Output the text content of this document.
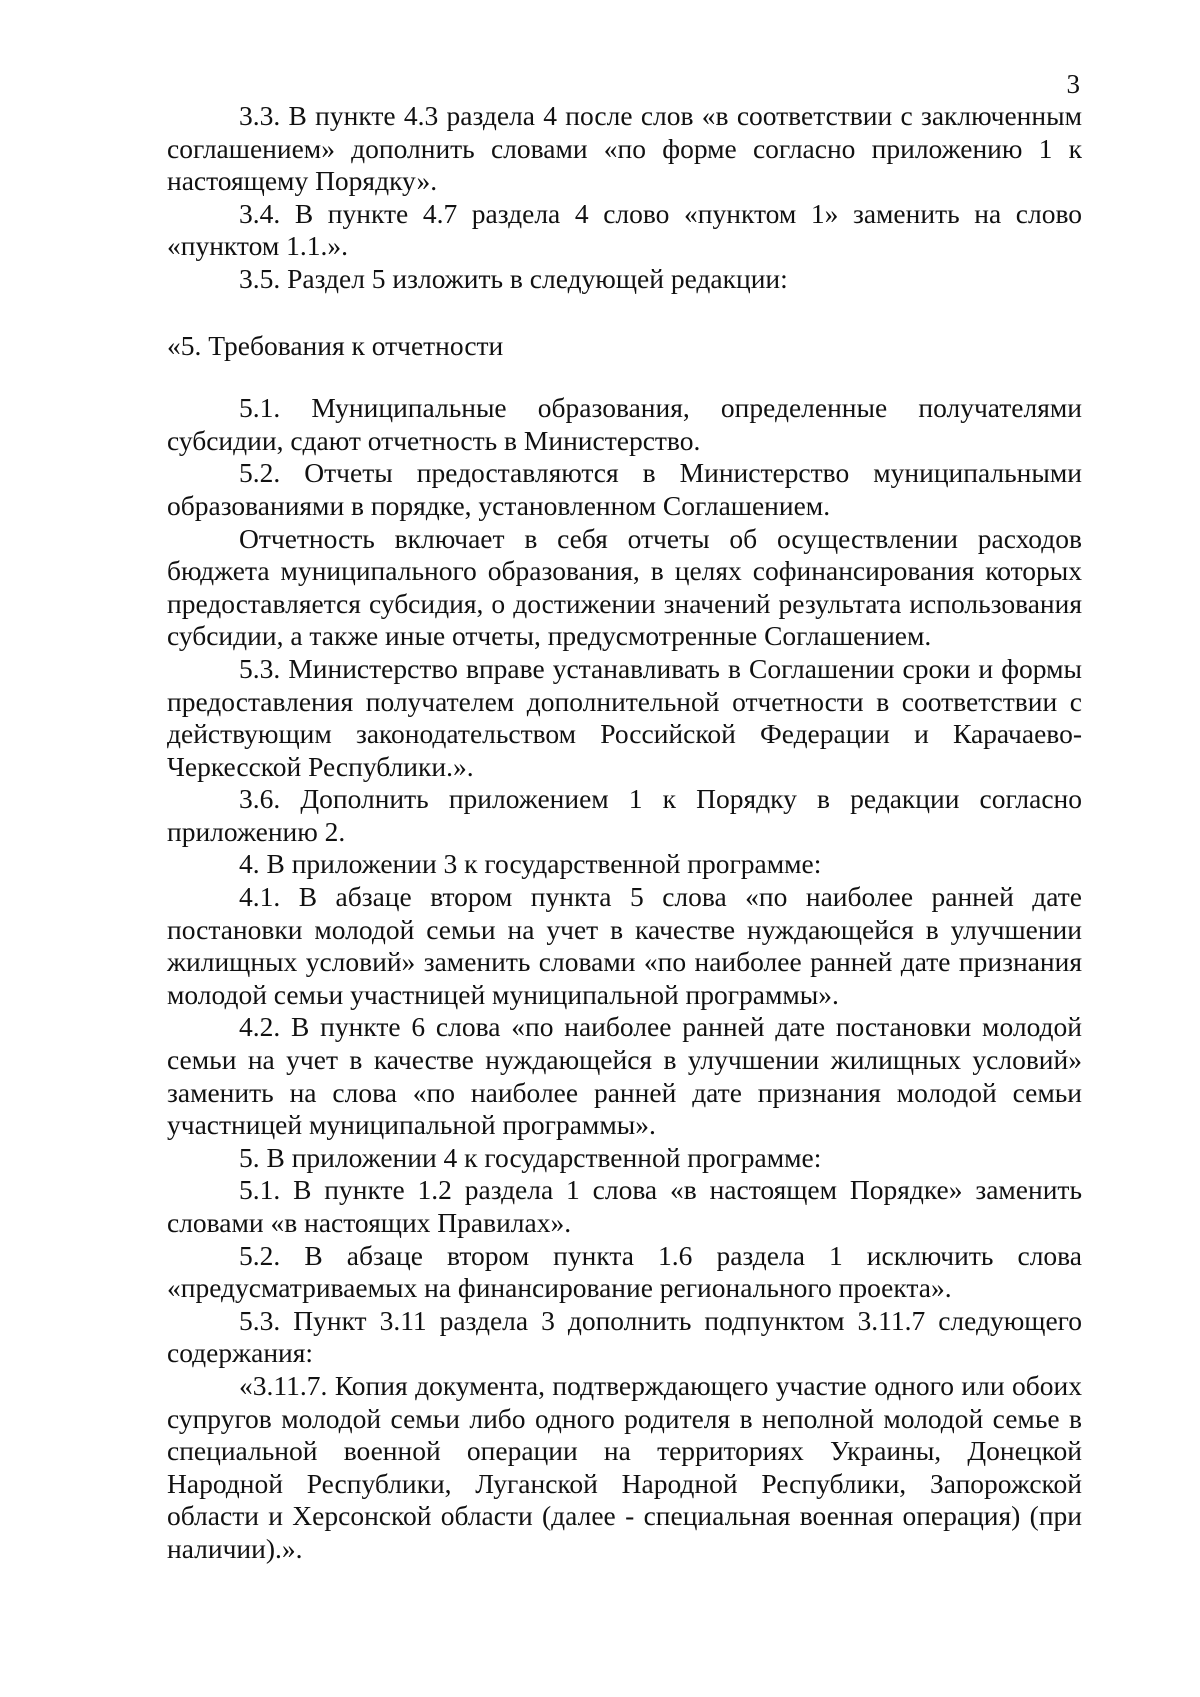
3

3.3. В пункте 4.3 раздела 4 после слов «в соответствии с заключенным соглашением» дополнить словами «по форме согласно приложению 1 к настоящему Порядку».

3.4. В пункте 4.7 раздела 4 слово «пунктом 1» заменить на слово «пунктом 1.1.».

3.5. Раздел 5 изложить в следующей редакции:

«5. Требования к отчетности

5.1. Муниципальные образования, определенные получателями субсидии, сдают отчетность в Министерство.

5.2. Отчеты предоставляются в Министерство муниципальными образованиями в порядке, установленном Соглашением.

Отчетность включает в себя отчеты об осуществлении расходов бюджета муниципального образования, в целях софинансирования которых предоставляется субсидия, о достижении значений результата использования субсидии, а также иные отчеты, предусмотренные Соглашением.

5.3. Министерство вправе устанавливать в Соглашении сроки и формы предоставления получателем дополнительной отчетности в соответствии с действующим законодательством Российской Федерации и Карачаево-Черкесской Республики.».

3.6. Дополнить приложением 1 к Порядку в редакции согласно приложению 2.

4. В приложении 3 к государственной программе:

4.1. В абзаце втором пункта 5 слова «по наиболее ранней дате постановки молодой семьи на учет в качестве нуждающейся в улучшении жилищных условий» заменить словами «по наиболее ранней дате признания молодой семьи участницей муниципальной программы».

4.2. В пункте 6 слова «по наиболее ранней дате постановки молодой семьи на учет в качестве нуждающейся в улучшении жилищных условий» заменить на слова «по наиболее ранней дате признания молодой семьи участницей муниципальной программы».

5. В приложении 4 к государственной программе:

5.1. В пункте 1.2 раздела 1 слова «в настоящем Порядке» заменить словами «в настоящих Правилах».

5.2. В абзаце втором пункта 1.6 раздела 1 исключить слова «предусматриваемых на финансирование регионального проекта».

5.3. Пункт 3.11 раздела 3 дополнить подпунктом 3.11.7 следующего содержания:

«3.11.7. Копия документа, подтверждающего участие одного или обоих супругов молодой семьи либо одного родителя в неполной молодой семье в специальной военной операции на территориях Украины, Донецкой Народной Республики, Луганской Народной Республики, Запорожской области и Херсонской области (далее - специальная военная операция) (при наличии).».
